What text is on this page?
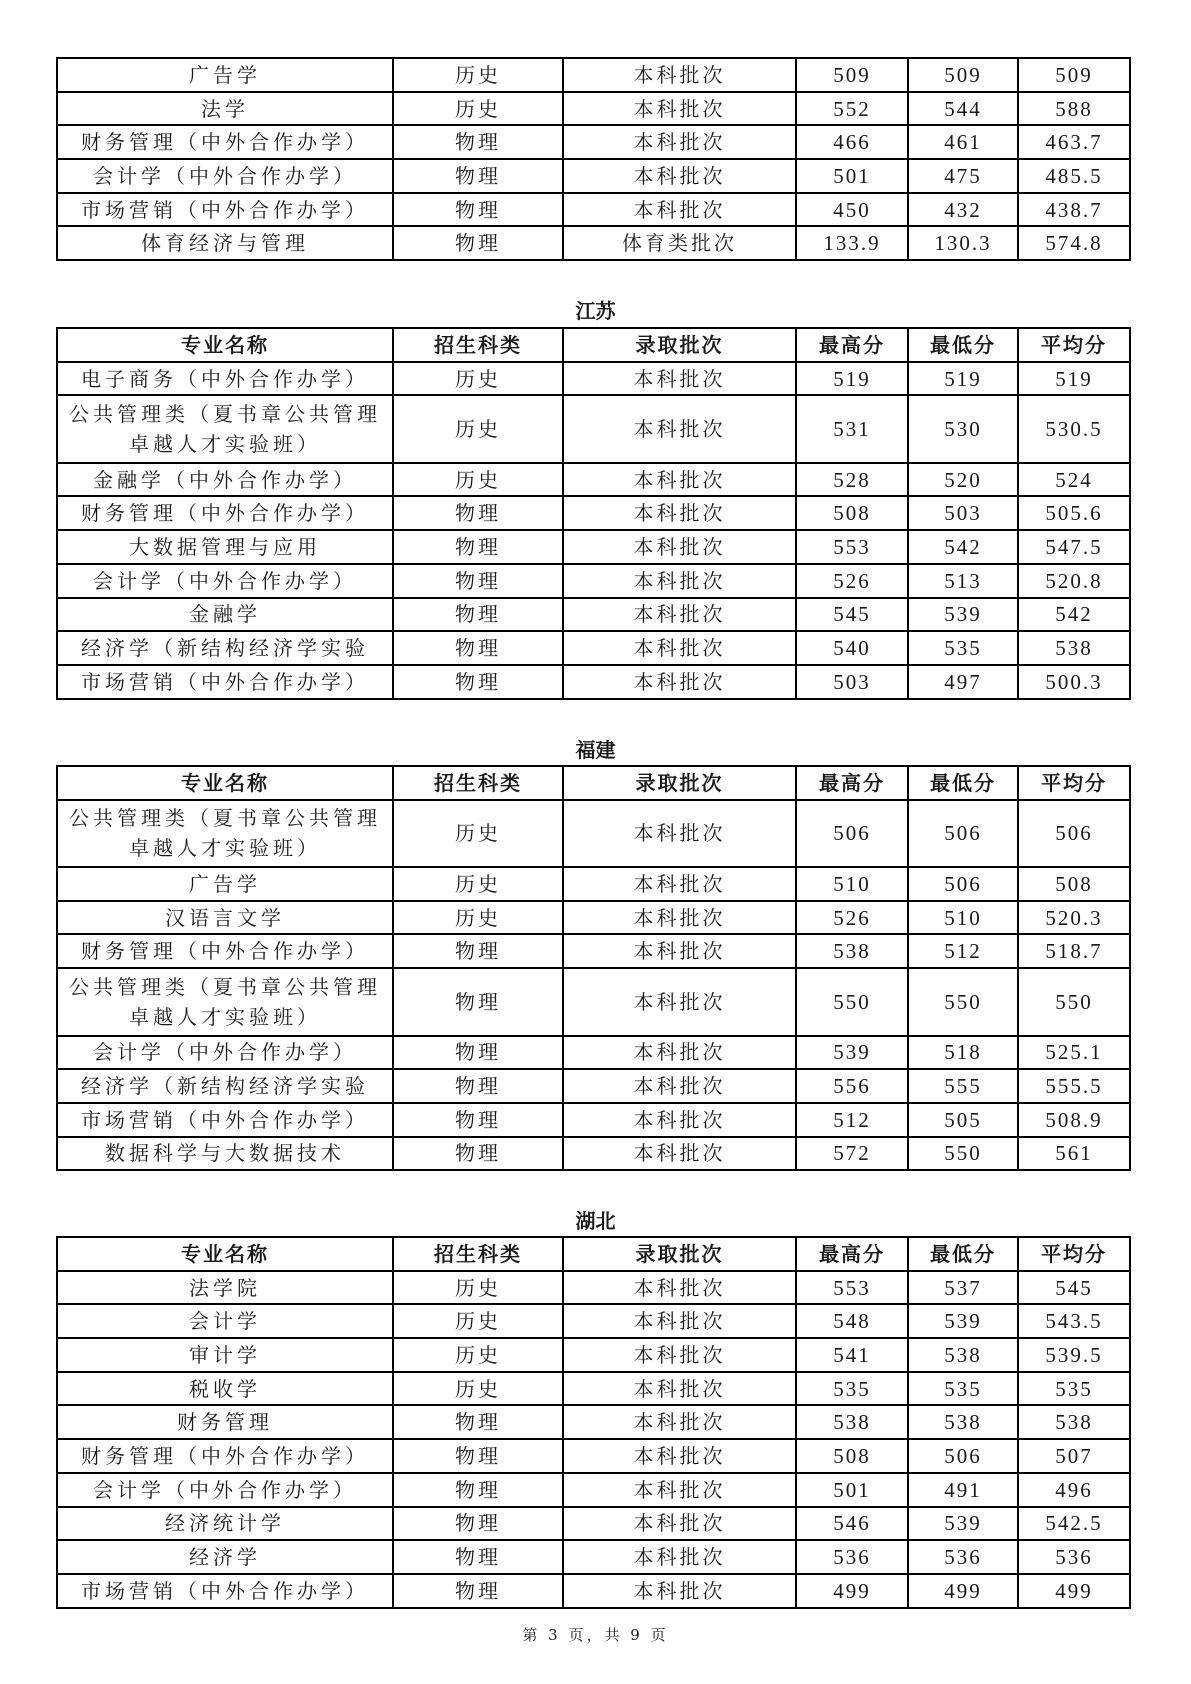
广告学	历史	本科批次	509	509	509
法学	历史	本科批次	552	544	588
财务管理（中外合作办学）	物理	本科批次	466	461	463.7
会计学（中外合作办学）	物理	本科批次	501	475	485.5
市场营销（中外合作办学）	物理	本科批次	450	432	438.7
体育经济与管理	物理	体育类批次	133.9	130.3	574.8
江苏
专业名称	招生科类	录取批次	最高分	最低分	平均分
电子商务（中外合作办学）	历史	本科批次	519	519	519

公共管理类（夏书章公共管理
卓越人才实验班）	历史	本科批次	531	530	530.5
金融学（中外合作办学）	历史	本科批次	528	520	524
财务管理（中外合作办学）	物理	本科批次	508	503	505.6
大数据管理与应用	物理	本科批次	553	542	547.5
会计学（中外合作办学）	物理	本科批次	526	513	520.8
金融学	物理	本科批次	545	539	542
经济学（新结构经济学实验	物理	本科批次	540	535	538
市场营销（中外合作办学）	物理	本科批次	503	497	500.3
福建
专业名称	招生科类	录取批次	最高分	最低分	平均分

公共管理类（夏书章公共管理
卓越人才实验班）	历史	本科批次	506	506	506
广告学	历史	本科批次	510	506	508
汉语言文学	历史	本科批次	526	510	520.3
财务管理（中外合作办学）	物理	本科批次	538	512	518.7

公共管理类（夏书章公共管理
卓越人才实验班）	物理	本科批次	550	550	550
会计学（中外合作办学）	物理	本科批次	539	518	525.1
经济学（新结构经济学实验	物理	本科批次	556	555	555.5
市场营销（中外合作办学）	物理	本科批次	512	505	508.9
数据科学与大数据技术	物理	本科批次	572	550	561
湖北
专业名称	招生科类	录取批次	最高分	最低分	平均分
法学院	历史	本科批次	553	537	545
会计学	历史	本科批次	548	539	543.5
审计学	历史	本科批次	541	538	539.5
税收学	历史	本科批次	535	535	535
财务管理	物理	本科批次	538	538	538
财务管理（中外合作办学）	物理	本科批次	508	506	507
会计学（中外合作办学）	物理	本科批次	501	491	496
经济统计学	物理	本科批次	546	539	542.5
经济学	物理	本科批次	536	536	536
市场营销（中外合作办学）	物理	本科批次	499	499	499
第 3 页，共 9 页
